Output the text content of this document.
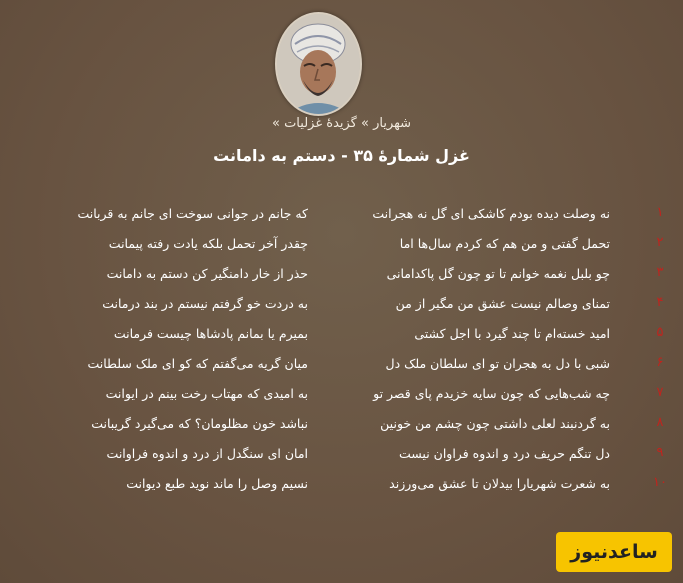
شهریار » گزیدهٔ غزلیات »
غزل شمارهٔ ۳۵ - دستم به دامانت
۱
نه وصلت دیده بودم کاشکی ای گل نه هجرانت
که جانم در جوانی سوخت ای جانم به قربانت
۲
تحمل گفتی و من هم که کردم سال‌ها اما
چقدر آخر تحمل بلکه یادت رفته پیمانت
۳
چو بلبل نغمه خوانم تا تو چون گل پاکدامانی
حذر از خار دامنگیر کن دستم به دامانت
۴
تمنای وصالم نیست عشق من مگیر از من
به دردت خو گرفتم نیستم در بند درمانت
۵
امید خسته‌ام تا چند گیرد با اجل کشتی
بمیرم یا بمانم پادشاها چیست فرمانت
۶
شبی با دل به هجران تو ای سلطان ملک دل
میان گریه می‌گفتم که کو ای ملک سلطانت
۷
چه شب‌هایی که چون سایه خزیدم پای قصر تو
به امیدی که مهتاب رخت بینم در ایوانت
۸
به گردنبند لعلی داشتی چون چشم من خونین
نباشد خون مظلومان؟ که می‌گیرد گریبانت
۹
دل تنگم حریف درد و اندوه فراوان نیست
امان ای سنگدل از درد و اندوه فراوانت
۱۰
به شعرت شهریارا بیدلان تا عشق می‌ورزند
نسیم وصل را ماند نوید طبع دیوانت
ساعدنیوز
